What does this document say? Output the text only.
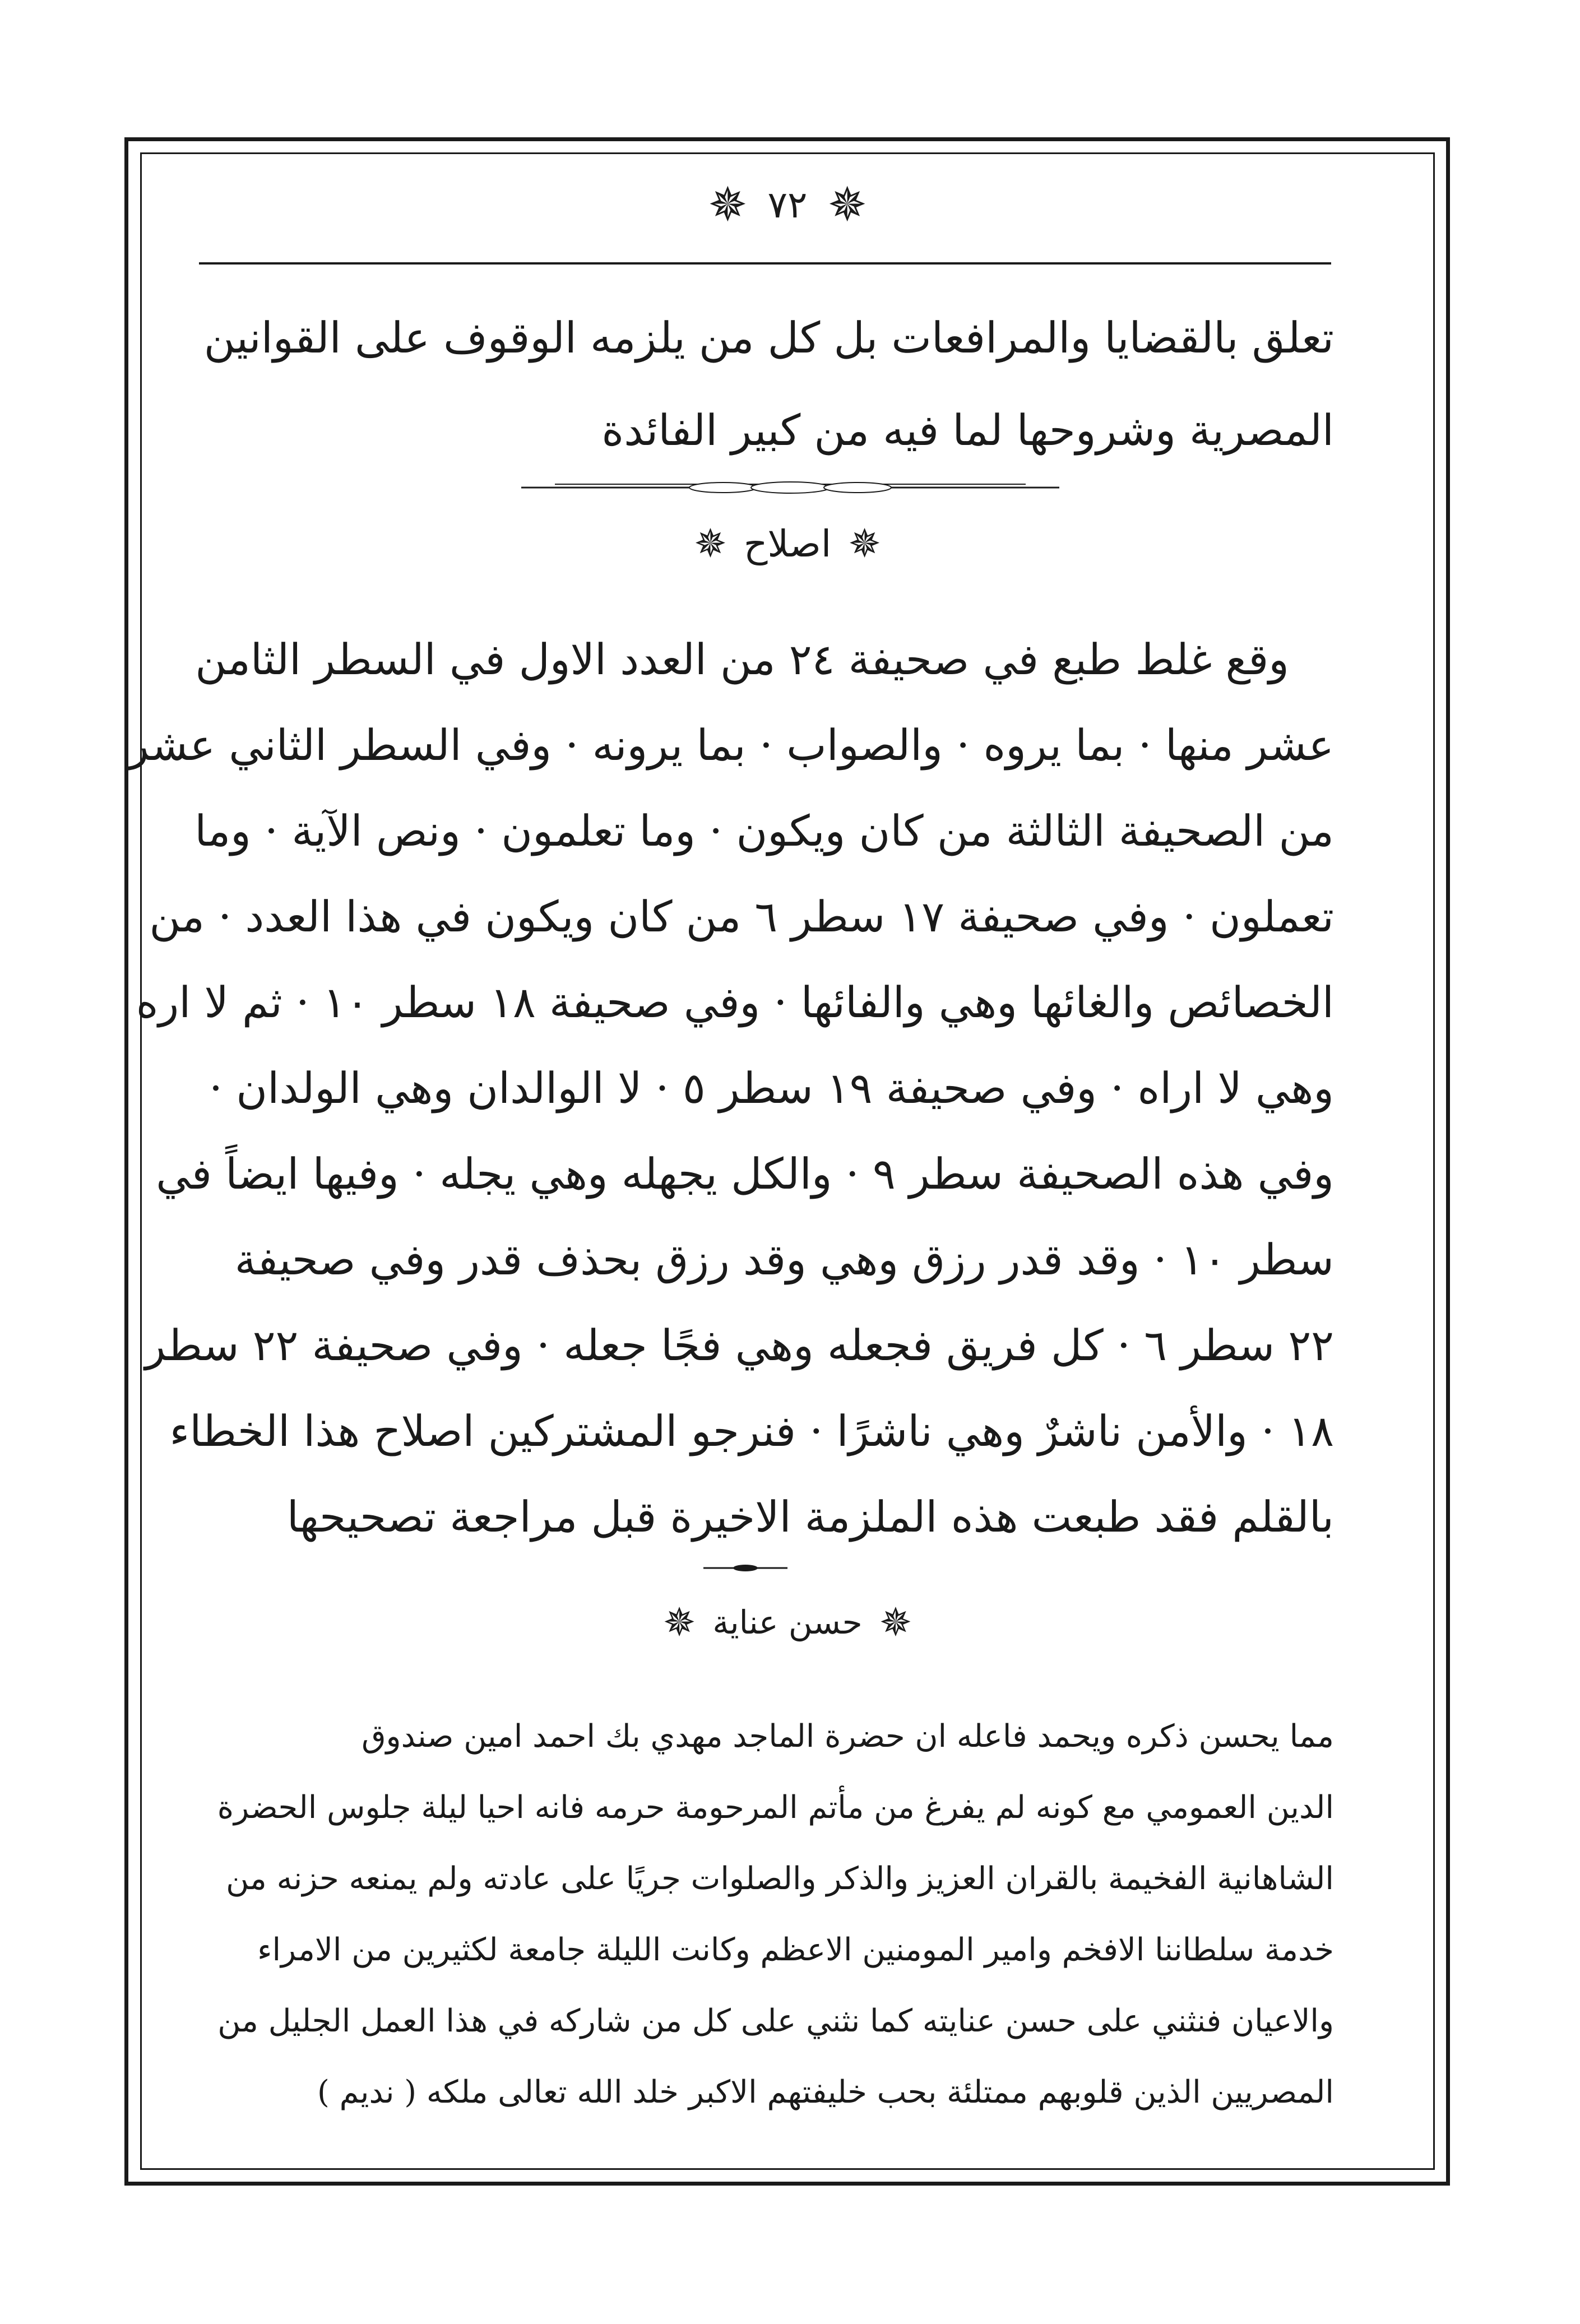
✵ ٧٢ ✵
تعلق بالقضايا والمرافعات بل كل من يلزمه الوقوف على القوانين
المصرية وشروحها لما فيه من كبير الفائدة
✵
اصلاح
✵
وقع غلط طبع في صحيفة ٢٤ من العدد الاول في السطر الثامن
عشر منها · بما يروه · والصواب · بما يرونه · وفي السطر الثاني عشر
من الصحيفة الثالثة من كان ويكون · وما تعلمون · ونص الآية · وما
تعملون · وفي صحيفة ١٧ سطر ٦ من كان ويكون في هذا العدد · من
الخصائص والغائها وهي والفائها · وفي صحيفة ١٨ سطر ١٠ · ثم لا اره
وهي لا اراه · وفي صحيفة ١٩ سطر ٥ · لا الوالدان وهي الولدان ·
وفي هذه الصحيفة سطر ٩ · والكل يجهله وهي يجله · وفيها ايضاً في
سطر ١٠ · وقد قدر رزق وهي وقد رزق بحذف قدر وفي صحيفة
٢٢ سطر ٦ · كل فريق فجعله وهي فجًا جعله · وفي صحيفة ٢٢ سطر
١٨ · والأمن ناشرٌ وهي ناشرًا · فنرجو المشتركين اصلاح هذا الخطاء
بالقلم فقد طبعت هذه الملزمة الاخيرة قبل مراجعة تصحيحها
✵
حسن عناية
✵
مما يحسن ذكره ويحمد فاعله ان حضرة الماجد مهدي بك احمد امين صندوق
الدين العمومي مع كونه لم يفرغ من مأتم المرحومة حرمه فانه احيا ليلة جلوس الحضرة
الشاهانية الفخيمة بالقران العزيز والذكر والصلوات جريًا على عادته ولم يمنعه حزنه من
خدمة سلطاننا الافخم وامير المومنين الاعظم وكانت الليلة جامعة لكثيرين من الامراء
والاعيان فنثني على حسن عنايته كما نثني على كل من شاركه في هذا العمل الجليل من
المصريين الذين قلوبهم ممتلئة بحب خليفتهم الاكبر خلد الله تعالى ملكه ( نديم )
